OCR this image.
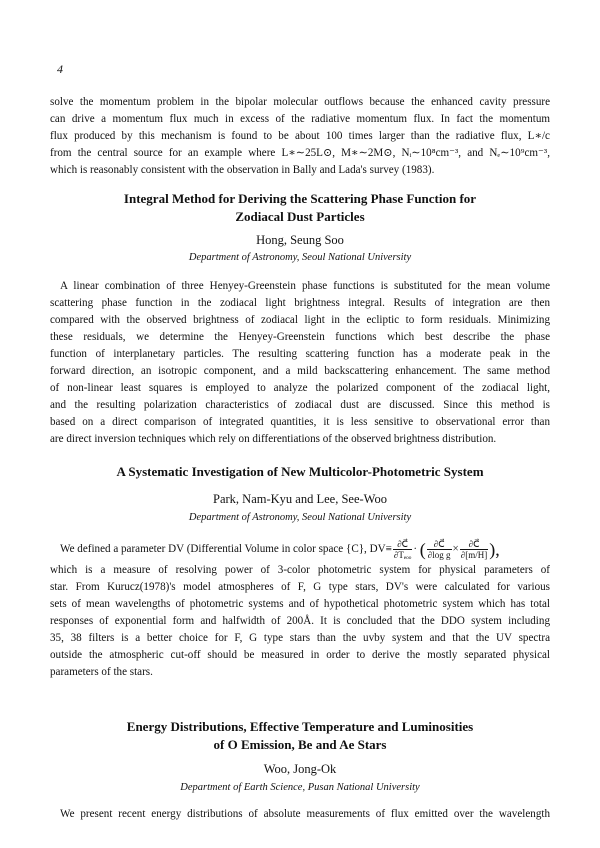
4
solve the momentum problem in the bipolar molecular outflows because the enhanced cavity pressure
can drive a momentum flux much in excess of the radiative momentum flux. In fact the momentum
flux produced by this mechanism is found to be about 100 times larger than the radiative flux, L∗/c
from the central source for an example where L∗∼25L⊙, M∗∼2M⊙, Nᵢ∼10⁸cm⁻³, and Nₑ∼10⁹cm⁻³,
which is reasonably consistent with the observation in Bally and Lada's survey (1983).
Integral Method for Deriving the Scattering Phase Function for
Zodiacal Dust Particles
Hong, Seung Soo
Department of Astronomy, Seoul National University
A linear combination of three Henyey-Greenstein phase functions is substituted for the mean volume
scattering phase function in the zodiacal light brightness integral. Results of integration are then
compared with the observed brightness of zodiacal light in the ecliptic to form residuals. Minimizing
these residuals, we determine the Henyey-Greenstein functions which best describe the phase
function of interplanetary particles. The resulting scattering function has a moderate peak in the
forward direction, an isotropic component, and a mild backscattering enhancement. The same method
of non-linear least squares is employed to analyze the polarized component of the zodiacal light,
and the resulting polarization characteristics of zodiacal dust are discussed. Since this method is
based on a direct comparison of integrated quantities, it is less sensitive to observational error than
are direct inversion techniques which rely on differentiations of the observed brightness distribution.
A Systematic Investigation of New Multicolor-Photometric System
Park, Nam-Kyu and Lee, See-Woo
Department of Astronomy, Seoul National University
We defined a parameter DV (Differential Volume in color space {C}, $DV\equiv \frac{\partial C⃗}{\text{∂Tₑₒₒ}}$ · ( $\frac{\partial C⃗}{\text{∂log g}} \times \frac{\partial C⃗}{\partial[m/H]}$ ),
which is a measure of resolving power of 3-color photometric system for physical parameters of
star. From Kurucz(1978)'s model atmospheres of F, G type stars, DV's were calculated for various
sets of mean wavelengths of photometric systems and of hypothetical photometric system which has total
responses of exponential form and halfwidth of 200Å. It is concluded that the DDO system including
35, 38 filters is a better choice for F, G type stars than the uvby system and that the UV spectra
outside the atmospheric cut-off should be measured in order to derive the mostly separated physical
parameters of the stars.
Energy Distributions, Effective Temperature and Luminosities
of O Emission, Be and Ae Stars
Woo, Jong-Ok
Department of Earth Science, Pusan National University
We present recent energy distributions of absolute measurements of flux emitted over the wavelength
